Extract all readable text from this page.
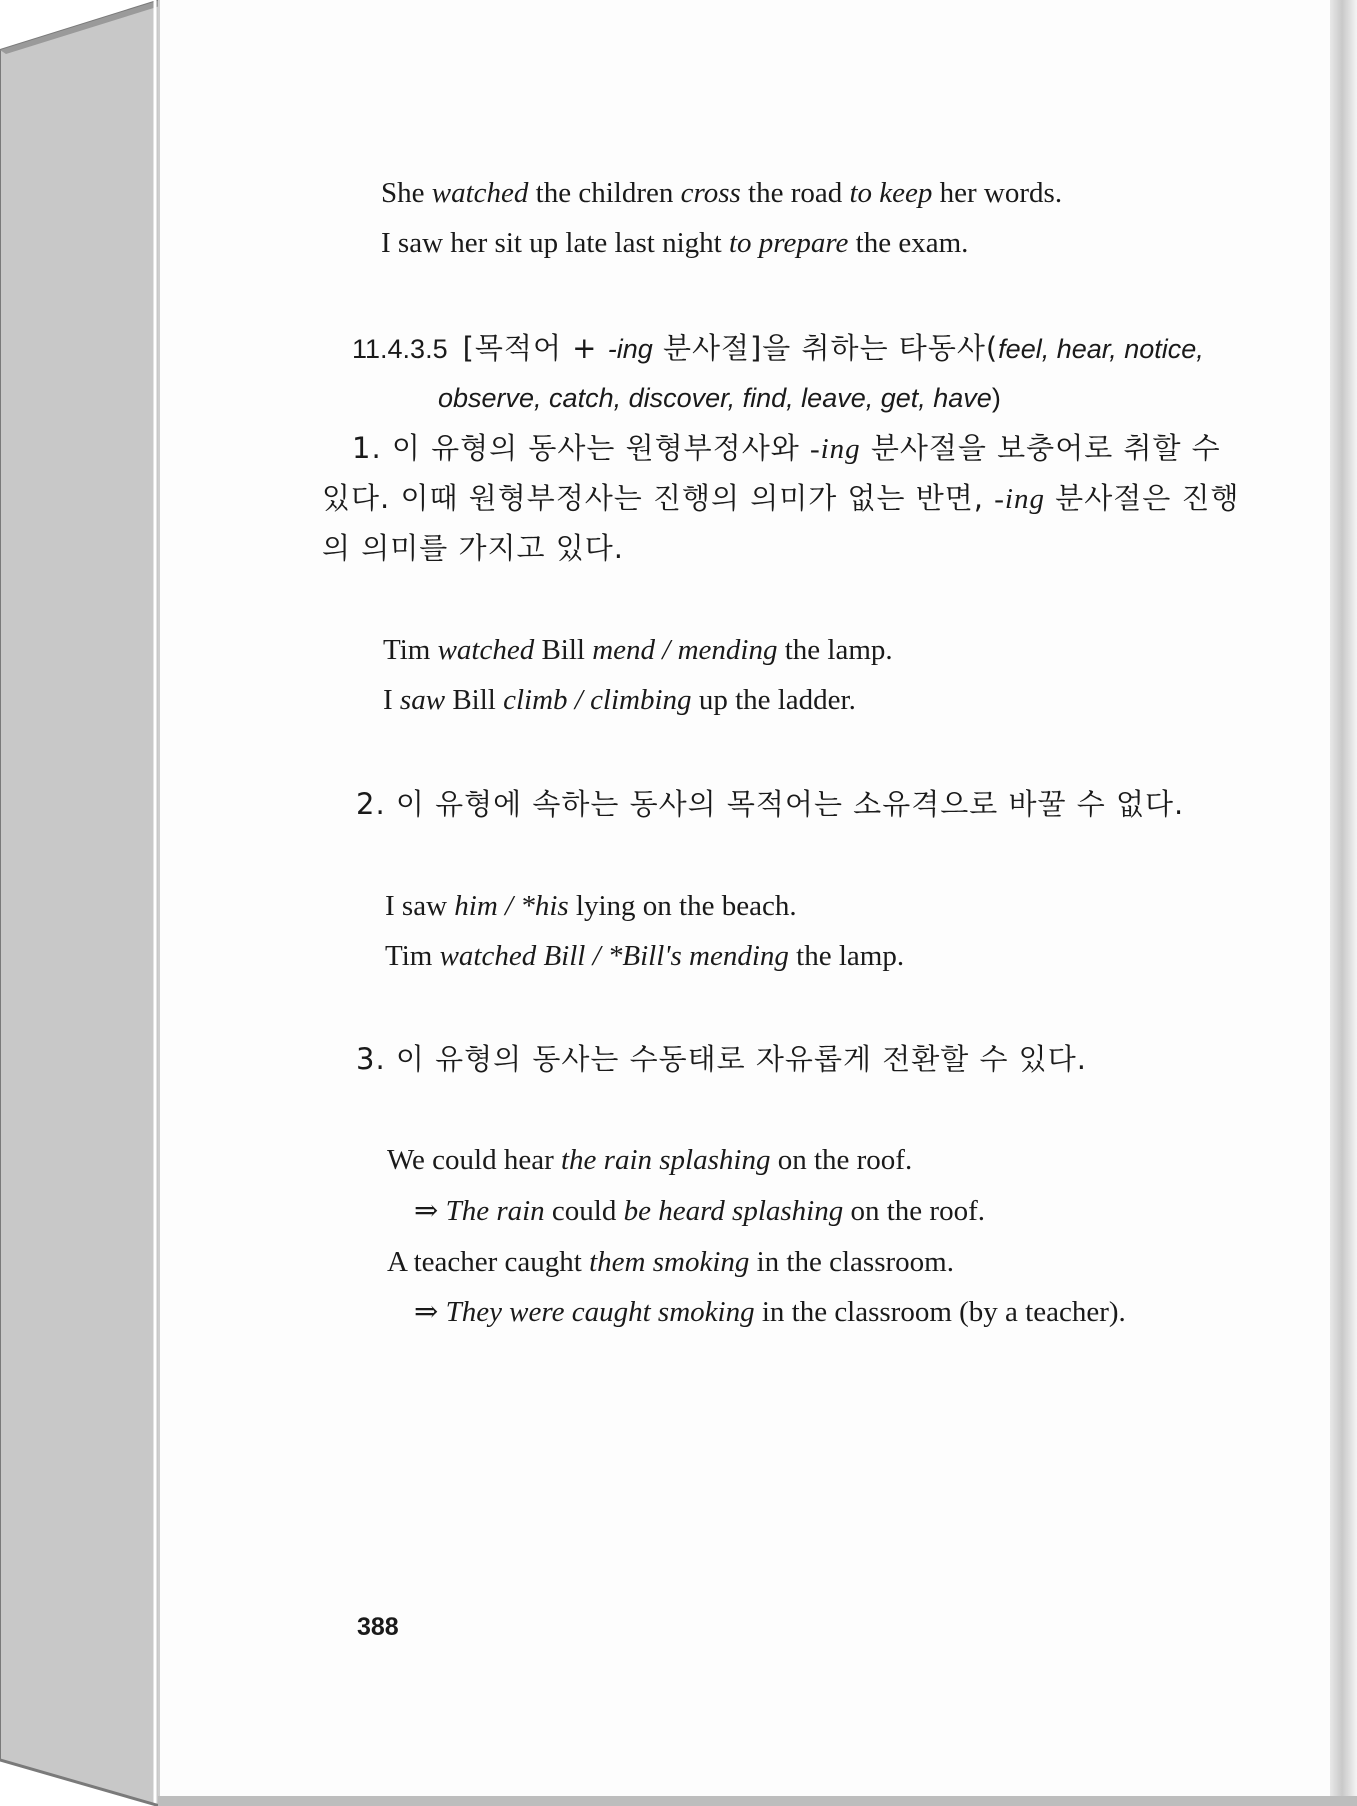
She watched the children cross the road to keep her words.
I saw her sit up late last night to prepare the exam.
11.4.3.5 [목적어 + -ing 분사절]을 취하는 타동사(feel, hear, notice,
observe, catch, discover, find, leave, get, have)
1. 이 유형의 동사는 원형부정사와 -ing 분사절을 보충어로 취할 수
있다. 이때 원형부정사는 진행의 의미가 없는 반면, -ing 분사절은 진행
의 의미를 가지고 있다.
Tim watched Bill mend / mending the lamp.
I saw Bill climb / climbing up the ladder.
2. 이 유형에 속하는 동사의 목적어는 소유격으로 바꿀 수 없다.
I saw him / *his lying on the beach.
Tim watched Bill / *Bill's mending the lamp.
3. 이 유형의 동사는 수동태로 자유롭게 전환할 수 있다.
We could hear the rain splashing on the roof.
⇒ The rain could be heard splashing on the roof.
A teacher caught them smoking in the classroom.
⇒ They were caught smoking in the classroom (by a teacher).
388
